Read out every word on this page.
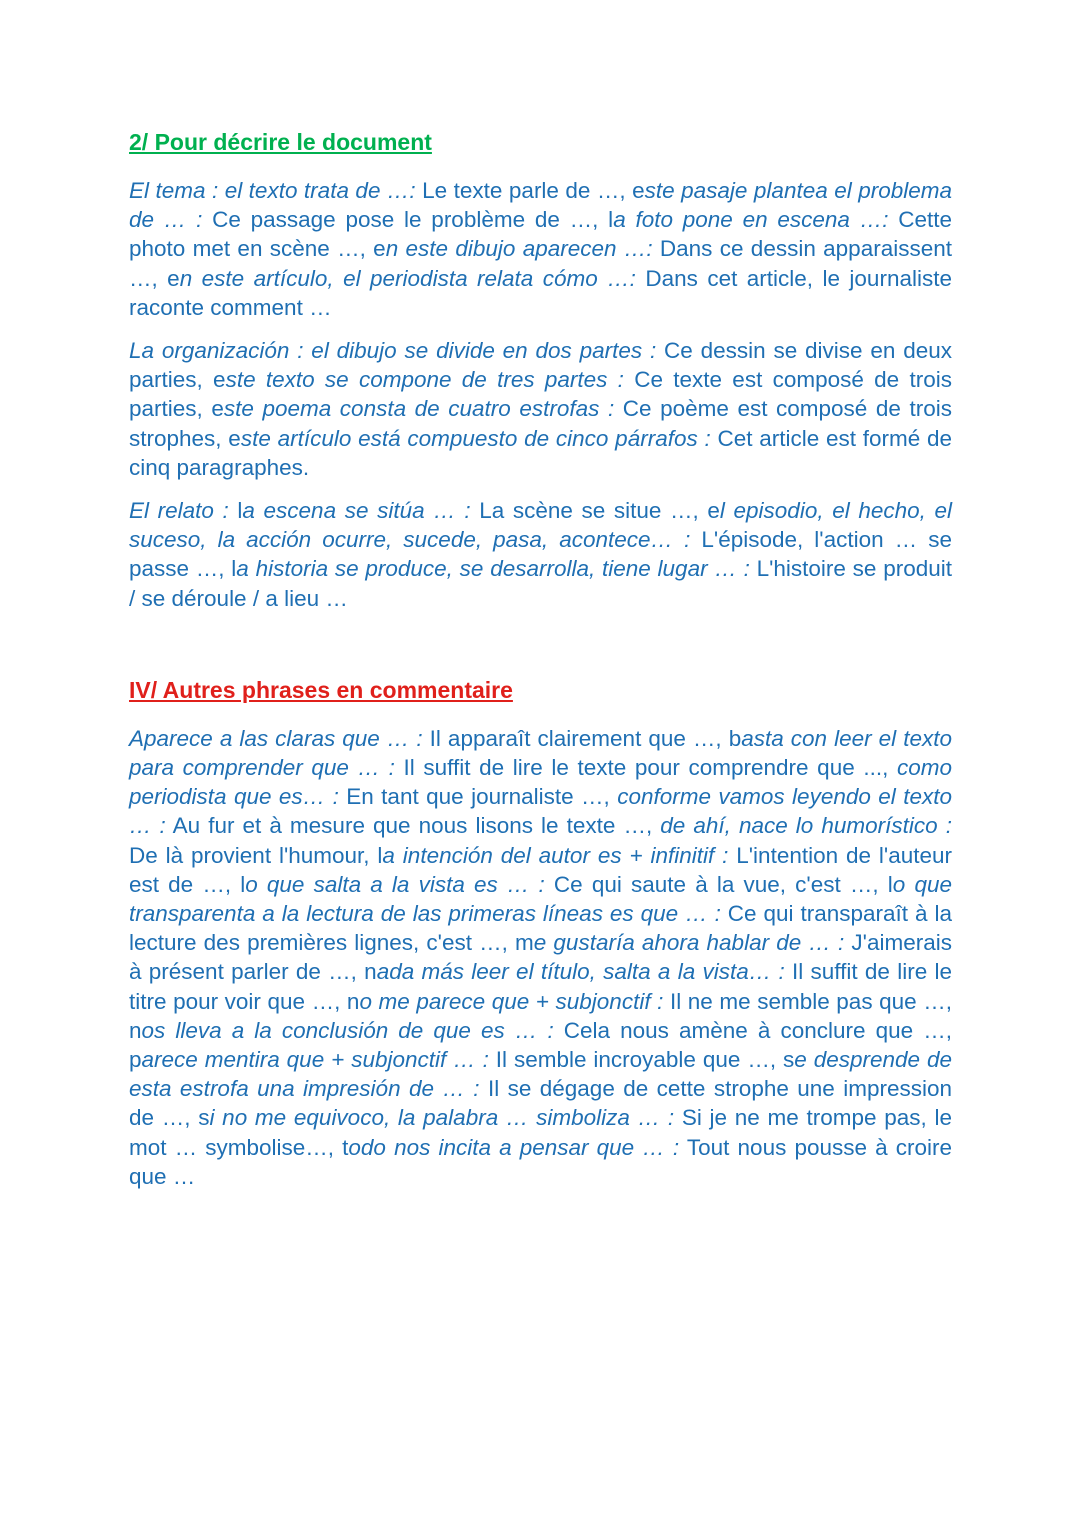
2/ Pour décrire le document

El tema : el texto trata de …: Le texte parle de …, este pasaje plantea el problema de … : Ce passage pose le problème de …, la foto pone en escena …: Cette photo met en scène …, en este dibujo aparecen …: Dans ce dessin apparaissent …, en este artículo, el periodista relata cómo …: Dans cet article, le journaliste raconte comment …

La organización : el dibujo se divide en dos partes : Ce dessin se divise en deux parties, este texto se compone de tres partes : Ce texte est composé de trois parties, este poema consta de cuatro estrofas : Ce poème est composé de trois strophes, este artículo está compuesto de cinco párrafos : Cet article est formé de cinq paragraphes.

El relato : la escena se sitúa … : La scène se situe …, el episodio, el hecho, el suceso, la acción ocurre, sucede, pasa, acontece… : L'épisode, l'action … se passe …, la historia se produce, se desarrolla, tiene lugar … : L'histoire se produit / se déroule / a lieu …

IV/ Autres phrases en commentaire

Aparece a las claras que … : Il apparaît clairement que …, basta con leer el texto para comprender que … : Il suffit de lire le texte pour comprendre que ..., como periodista que es… : En tant que journaliste …, conforme vamos leyendo el texto … : Au fur et à mesure que nous lisons le texte …, de ahí, nace lo humorístico : De là provient l'humour, la intención del autor es + infinitif : L'intention de l'auteur est de …, lo que salta a la vista es … : Ce qui saute à la vue, c'est …, lo que transparenta a la lectura de las primeras líneas es que … : Ce qui transparaît à la lecture des premières lignes, c'est …, me gustaría ahora hablar de … : J'aimerais à présent parler de …, nada más leer el título, salta a la vista… : Il suffit de lire le titre pour voir que …, no me parece que + subjonctif : Il ne me semble pas que …, nos lleva a la conclusión de que es … : Cela nous amène à conclure que …, parece mentira que + subjonctif … : Il semble incroyable que …, se desprende de esta estrofa una impresión de … : Il se dégage de cette strophe une impression de …, si no me equivoco, la palabra … simboliza … : Si je ne me trompe pas, le mot … symbolise…, todo nos incita a pensar que … : Tout nous pousse à croire que …
